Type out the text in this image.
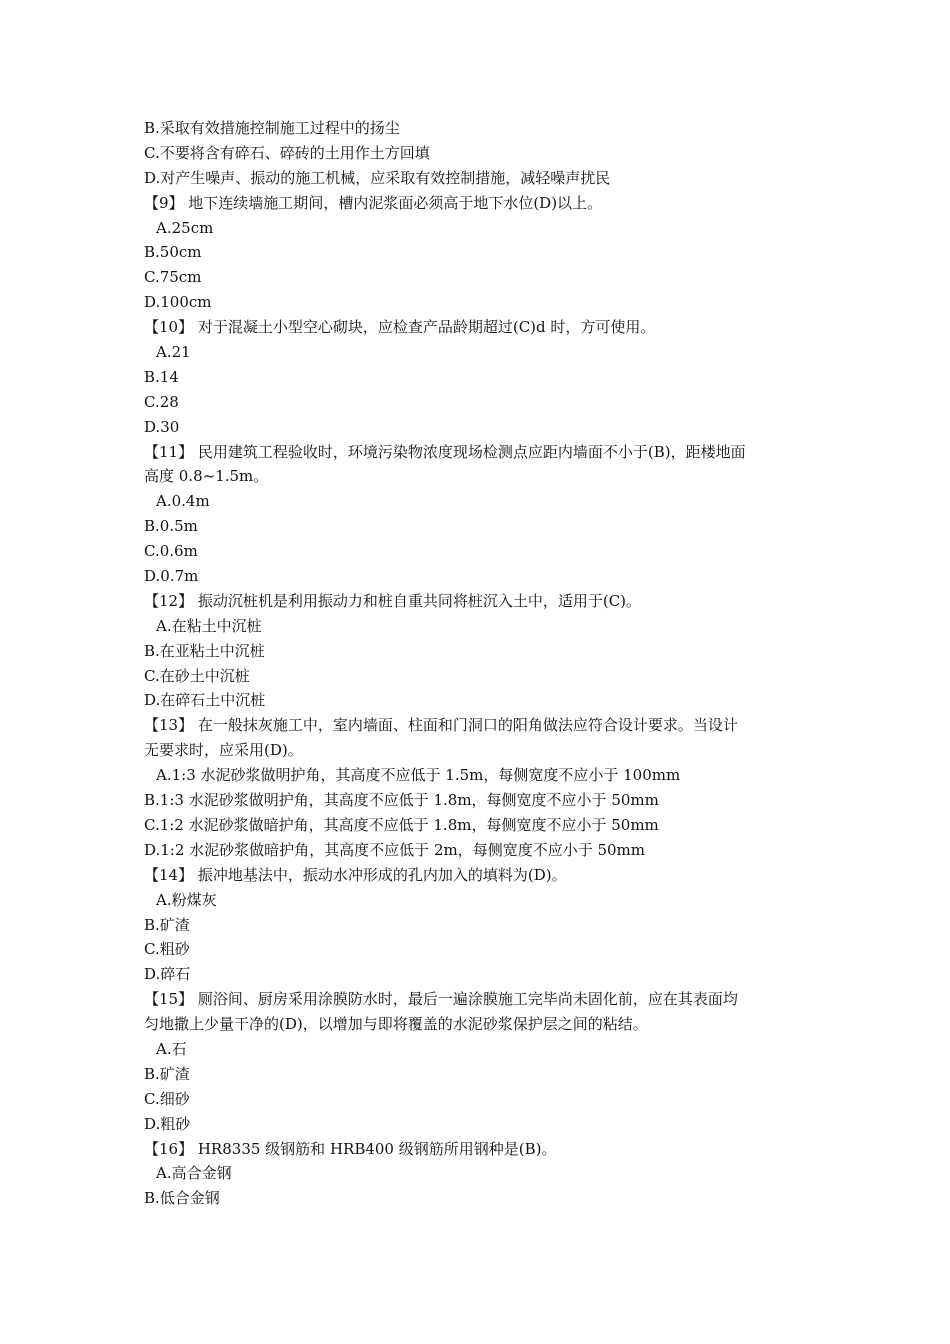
B.采取有效措施控制施工过程中的扬尘
C.不要将含有碎石、碎砖的土用作土方回填
D.对产生噪声、振动的施工机械，应采取有效控制措施，减轻噪声扰民
【9】 地下连续墙施工期间，槽内泥浆面必须高于地下水位(D)以上。
A.25cm
B.50cm
C.75cm
D.100cm
【10】 对于混凝土小型空心砌块，应检查产品龄期超过(C)d 时，方可使用。
A.21
B.14
C.28
D.30
【11】 民用建筑工程验收时，环境污染物浓度现场检测点应距内墙面不小于(B)，距楼地面
高度 0.8~1.5m。
A.0.4m
B.0.5m
C.0.6m
D.0.7m
【12】 振动沉桩机是利用振动力和桩自重共同将桩沉入土中，适用于(C)。
A.在粘土中沉桩
B.在亚粘土中沉桩
C.在砂土中沉桩
D.在碎石土中沉桩
【13】 在一般抹灰施工中，室内墙面、柱面和门洞口的阳角做法应符合设计要求。当设计
无要求时，应采用(D)。
A.1:3 水泥砂浆做明护角，其高度不应低于 1.5m，每侧宽度不应小于 100mm
B.1:3 水泥砂浆做明护角，其高度不应低于 1.8m，每侧宽度不应小于 50mm
C.1:2 水泥砂浆做暗护角，其高度不应低于 1.8m，每侧宽度不应小于 50mm
D.1:2 水泥砂浆做暗护角，其高度不应低于 2m，每侧宽度不应小于 50mm
【14】 振冲地基法中，振动水冲形成的孔内加入的填料为(D)。
A.粉煤灰
B.矿渣
C.粗砂
D.碎石
【15】 厕浴间、厨房采用涂膜防水时，最后一遍涂膜施工完毕尚未固化前，应在其表面均
匀地撒上少量干净的(D)，以增加与即将覆盖的水泥砂浆保护层之间的粘结。
A.石
B.矿渣
C.细砂
D.粗砂
【16】 HR8335 级钢筋和 HRB400 级钢筋所用钢种是(B)。
A.高合金钢
B.低合金钢
